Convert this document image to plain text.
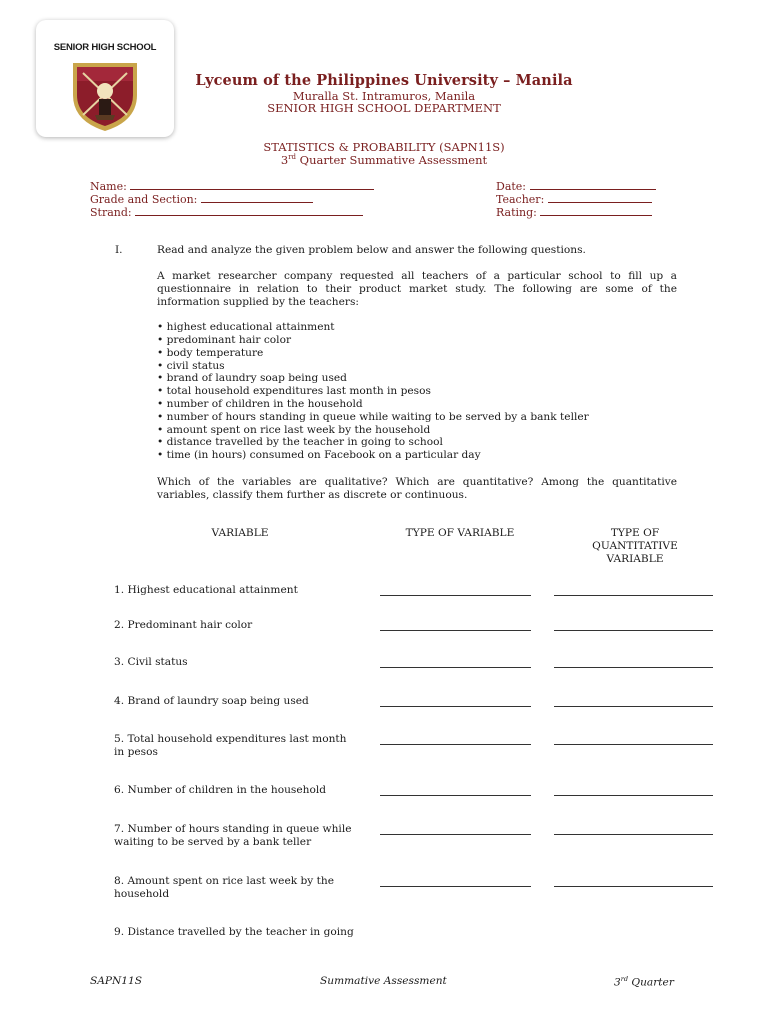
SENIOR HIGH SCHOOL
Lyceum of the Philippines University – Manila
Muralla St. Intramuros, Manila
SENIOR HIGH SCHOOL DEPARTMENT
STATISTICS & PROBABILITY (SAPN11S)
3rd Quarter Summative Assessment
Name:
Grade and Section:
Strand:
Date:
Teacher:
Rating:
I.	Read and analyze the given problem below and answer the following questions.
A market researcher company requested all teachers of a particular school to fill up a
questionnaire in relation to their product market study. The following are some of the
information supplied by the teachers:
• highest educational attainment
• predominant hair color
• body temperature
• civil status
• brand of laundry soap being used
• total household expenditures last month in pesos
• number of children in the household
• number of hours standing in queue while waiting to be served by a bank teller
• amount spent on rice last week by the household
• distance travelled by the teacher in going to school
• time (in hours) consumed on Facebook on a particular day
Which of the variables are qualitative? Which are quantitative? Among the quantitative
variables, classify them further as discrete or continuous.
VARIABLE	TYPE OF VARIABLE	TYPE OF
QUANTITATIVE
VARIABLE
1. Highest educational attainment
2. Predominant hair color
3. Civil status
4. Brand of laundry soap being used
5. Total household expenditures last month
in pesos
6. Number of children in the household
7. Number of hours standing in queue while
waiting to be served by a bank teller
8. Amount spent on rice last week by the
household
9. Distance travelled by the teacher in going
SAPN11S	Summative Assessment	3rd Quarter
